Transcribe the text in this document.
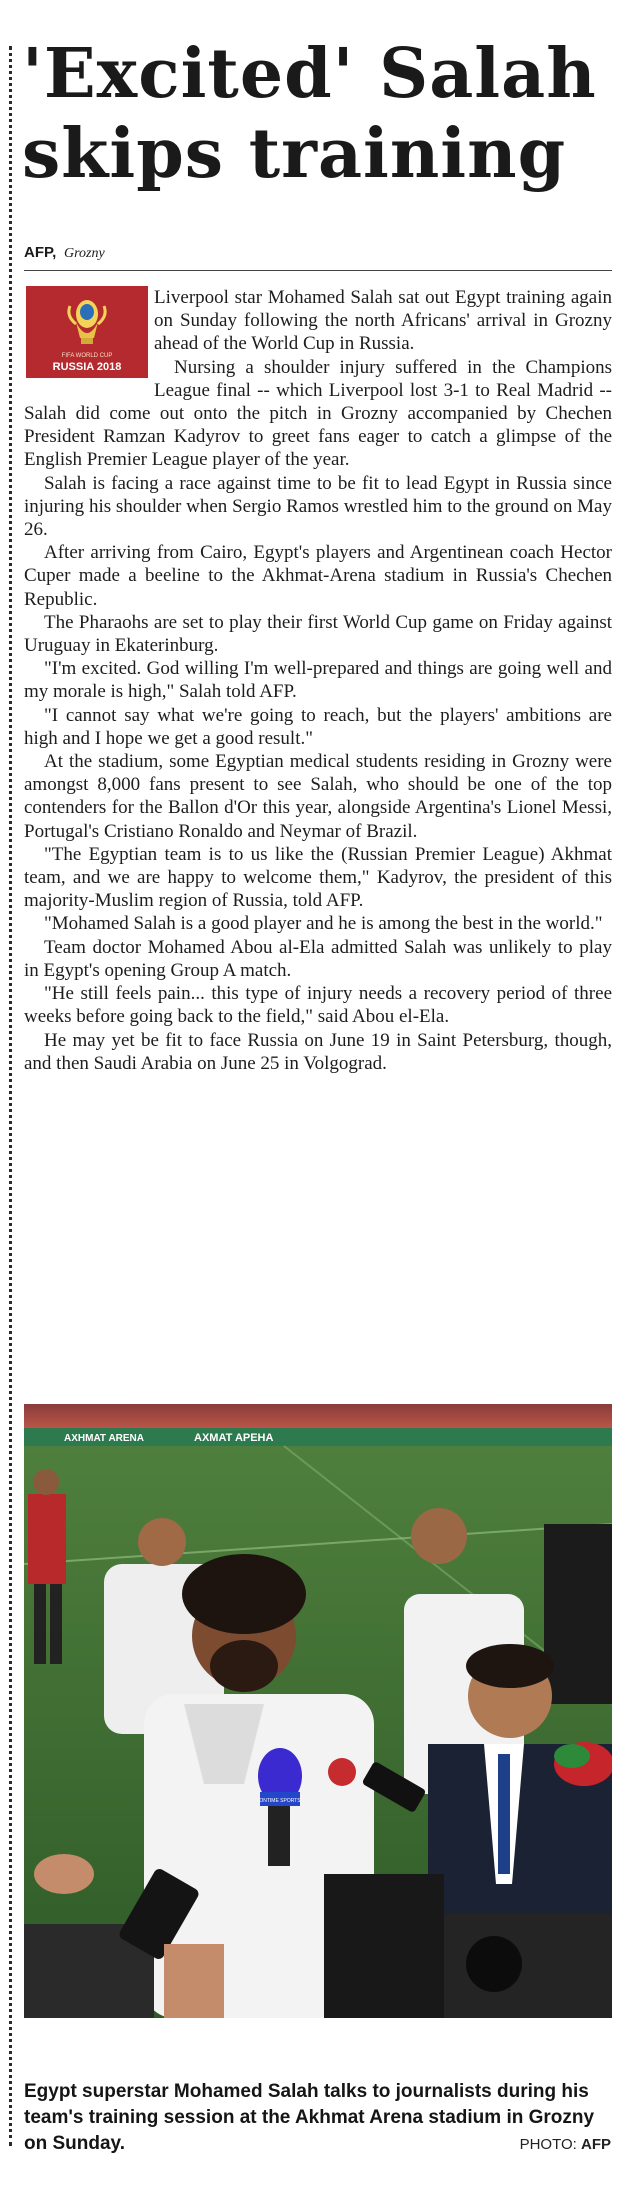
'Excited' Salah
skips training
AFP, Grozny

Liverpool star Mohamed Salah sat out Egypt training again on Sunday following the north Africans' arrival in Grozny ahead of the World Cup in Russia.

Nursing a shoulder injury suffered in the Champions League final -- which Liverpool lost 3-1 to Real Madrid -- Salah did come out onto the pitch in Grozny accompanied by Chechen President Ramzan Kadyrov to greet fans eager to catch a glimpse of the English Premier League player of the year.

Salah is facing a race against time to be fit to lead Egypt in Russia since injuring his shoulder when Sergio Ramos wrestled him to the ground on May 26.

After arriving from Cairo, Egypt's players and Argentinean coach Hector Cuper made a beeline to the Akhmat-Arena stadium in Russia's Chechen Republic.

The Pharaohs are set to play their first World Cup game on Friday against Uruguay in Ekaterinburg.

"I'm excited. God willing I'm well-prepared and things are going well and my morale is high," Salah told AFP.

"I cannot say what we're going to reach, but the players' ambitions are high and I hope we get a good result."

At the stadium, some Egyptian medical students residing in Grozny were amongst 8,000 fans present to see Salah, who should be one of the top contenders for the Ballon d'Or this year, alongside Argentina's Lionel Messi, Portugal's Cristiano Ronaldo and Neymar of Brazil.

"The Egyptian team is to us like the (Russian Premier League) Akhmat team, and we are happy to welcome them," Kadyrov, the president of this majority-Muslim region of Russia, told AFP.

"Mohamed Salah is a good player and he is among the best in the world."

Team doctor Mohamed Abou al-Ela admitted Salah was unlikely to play in Egypt's opening Group A match.

"He still feels pain... this type of injury needs a recovery period of three weeks before going back to the field," said Abou el-Ela.

He may yet be fit to face Russia on June 19 in Saint Petersburg, though, and then Saudi Arabia on June 25 in Volgograd.

FIFA WORLD CUP
RUSSIA 2018
AXHMAT ARENA	AXMAT APEHA
ONTIME SPORTS
Egypt superstar Mohamed Salah talks to journalists during his team's training session at the Akhmat Arena stadium in Grozny on Sunday.	PHOTO: AFP
